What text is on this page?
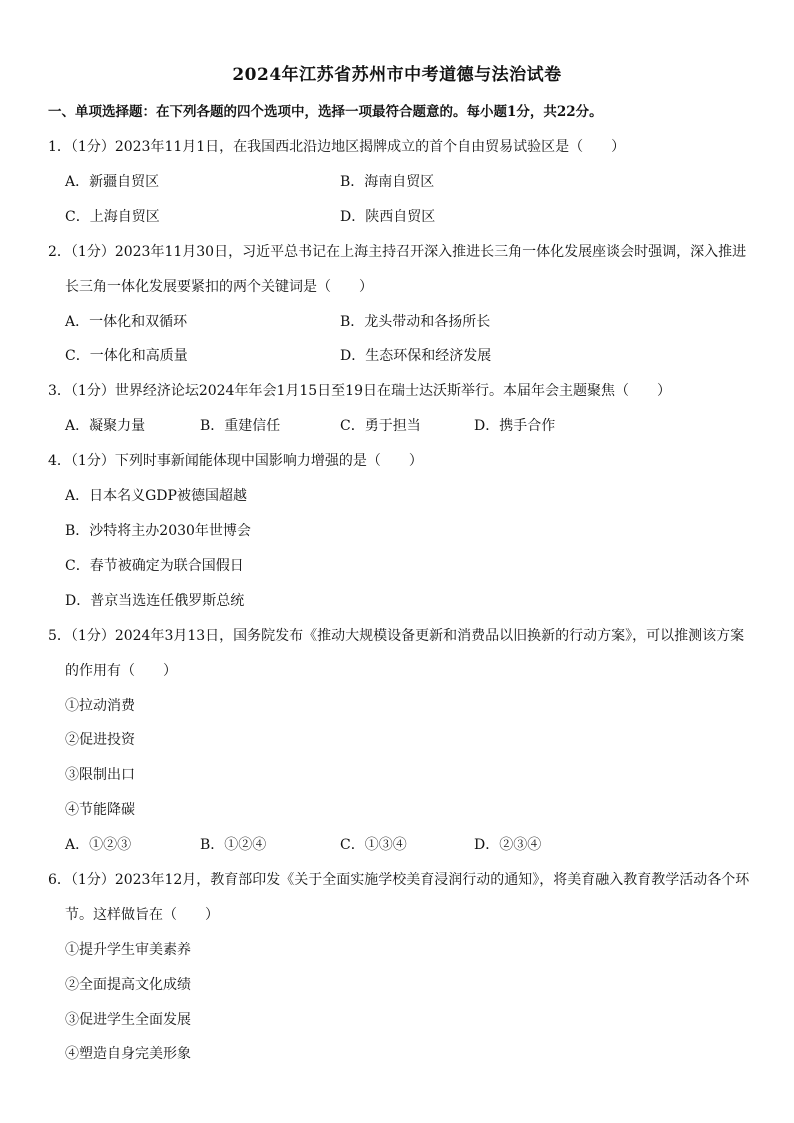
2024年江苏省苏州市中考道德与法治试卷
一、单项选择题：在下列各题的四个选项中，选择一项最符合题意的。每小题1分，共22分。
1．（1分）2023年11月1日，在我国西北沿边地区揭牌成立的首个自由贸易试验区是（　　）
A．新疆自贸区	B．海南自贸区
C．上海自贸区	D．陕西自贸区
2．（1分）2023年11月30日，习近平总书记在上海主持召开深入推进长三角一体化发展座谈会时强调，深入推进
长三角一体化发展要紧扣的两个关键词是（　　）
A．一体化和双循环	B．龙头带动和各扬所长
C．一体化和高质量	D．生态环保和经济发展
3．（1分）世界经济论坛2024年年会1月15日至19日在瑞士达沃斯举行。本届年会主题聚焦（　　）
A．凝聚力量	B．重建信任	C．勇于担当	D．携手合作
4．（1分）下列时事新闻能体现中国影响力增强的是（　　）
A．日本名义GDP被德国超越
B．沙特将主办2030年世博会
C．春节被确定为联合国假日
D．普京当选连任俄罗斯总统
5．（1分）2024年3月13日，国务院发布《推动大规模设备更新和消费品以旧换新的行动方案》，可以推测该方案
的作用有（　　）
①拉动消费
②促进投资
③限制出口
④节能降碳
A．①②③	B．①②④	C．①③④	D．②③④
6．（1分）2023年12月，教育部印发《关于全面实施学校美育浸润行动的通知》，将美育融入教育教学活动各个环
节。这样做旨在（　　）
①提升学生审美素养
②全面提高文化成绩
③促进学生全面发展
④塑造自身完美形象
